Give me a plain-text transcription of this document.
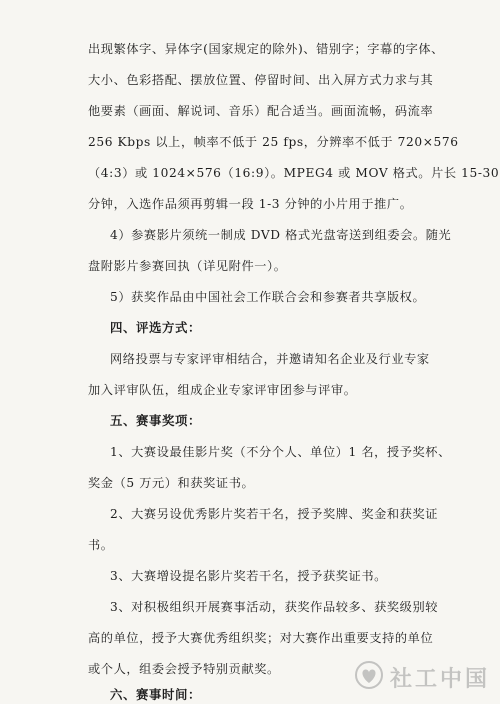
出现繁体字、异体字(国家规定的除外)、错别字；字幕的字体、
大小、色彩搭配、摆放位置、停留时间、出入屏方式力求与其
他要素（画面、解说词、音乐）配合适当。画面流畅，码流率
256 Kbps 以上，帧率不低于 25 fps，分辨率不低于 720×576
（4:3）或 1024×576（16:9）。MPEG4 或 MOV 格式。片长 15-30
分钟，入选作品须再剪辑一段 1-3 分钟的小片用于推广。
4）参赛影片须统一制成 DVD 格式光盘寄送到组委会。随光
盘附影片参赛回执（详见附件一）。
5）获奖作品由中国社会工作联合会和参赛者共享版权。
四、评选方式：
网络投票与专家评审相结合，并邀请知名企业及行业专家
加入评审队伍，组成企业专家评审团参与评审。
五、赛事奖项：
1、大赛设最佳影片奖（不分个人、单位）1 名，授予奖杯、
奖金（5 万元）和获奖证书。
2、大赛另设优秀影片奖若干名，授予奖牌、奖金和获奖证
书。
3、大赛增设提名影片奖若干名，授予获奖证书。
3、对积极组织开展赛事活动，获奖作品较多、获奖级别较
高的单位，授予大赛优秀组织奖；对大赛作出重要支持的单位
或个人，组委会授予特别贡献奖。
六、赛事时间：
社工中国
